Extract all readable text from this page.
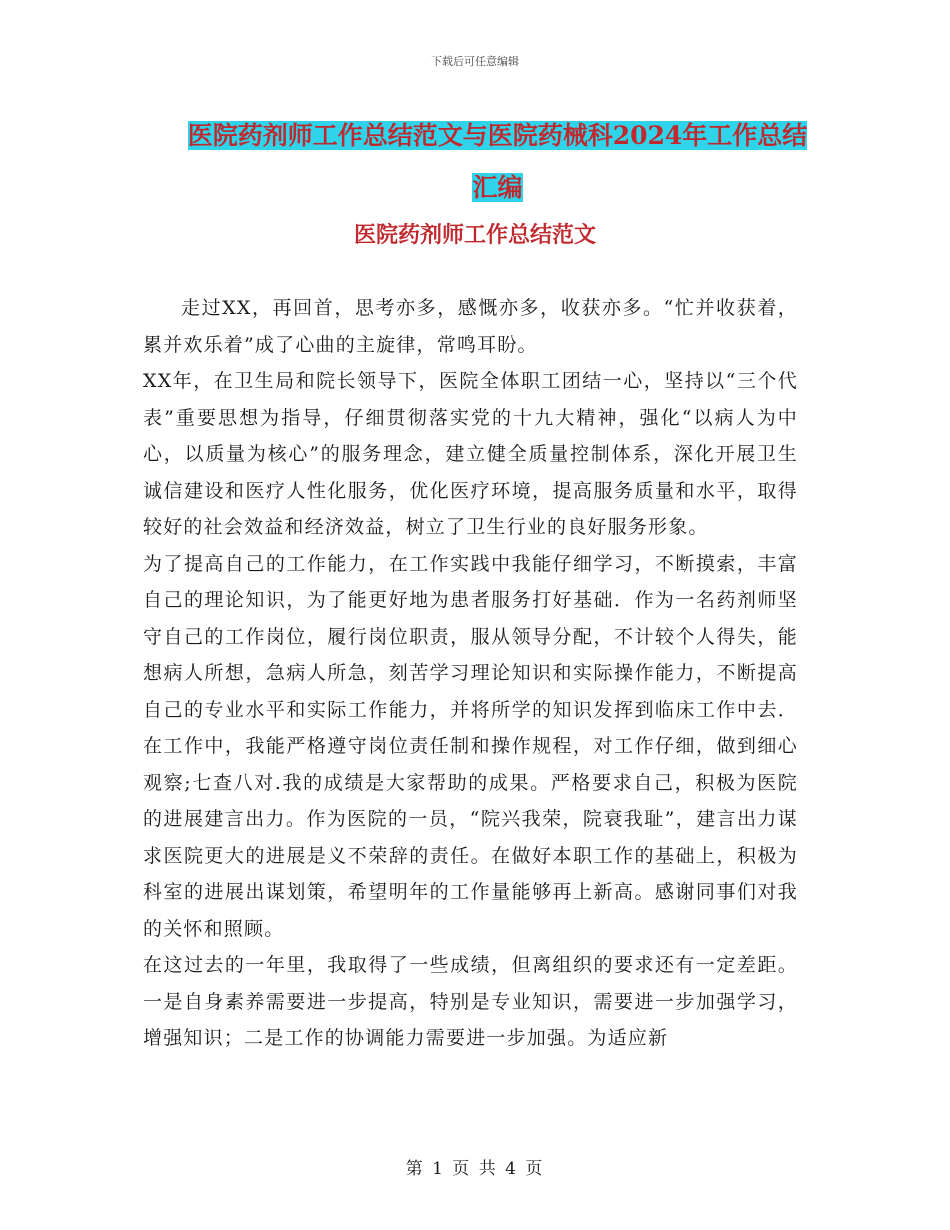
下载后可任意编辑
医院药剂师工作总结范文与医院药械科2024年工作总结汇编
医院药剂师工作总结范文

走过XX，再回首，思考亦多，感慨亦多，收获亦多。“忙并收获着，累并欢乐着”成了心曲的主旋律，常鸣耳盼。

XX年，在卫生局和院长领导下，医院全体职工团结一心，坚持以“三个代表”重要思想为指导，仔细贯彻落实党的十九大精神，强化“以病人为中心，以质量为核心”的服务理念，建立健全质量控制体系，深化开展卫生诚信建设和医疗人性化服务，优化医疗环境，提高服务质量和水平，取得较好的社会效益和经济效益，树立了卫生行业的良好服务形象。

为了提高自己的工作能力，在工作实践中我能仔细学习，不断摸索，丰富自己的理论知识，为了能更好地为患者服务打好基础．作为一名药剂师坚守自己的工作岗位，履行岗位职责，服从领导分配，不计较个人得失，能想病人所想，急病人所急，刻苦学习理论知识和实际操作能力，不断提高自己的专业水平和实际工作能力，并将所学的知识发挥到临床工作中去．在工作中，我能严格遵守岗位责任制和操作规程，对工作仔细，做到细心观察;七查八对.我的成绩是大家帮助的成果。严格要求自己，积极为医院的进展建言出力。作为医院的一员，“院兴我荣，院衰我耻”，建言出力谋求医院更大的进展是义不荣辞的责任。在做好本职工作的基础上，积极为科室的进展出谋划策，希望明年的工作量能够再上新高。感谢同事们对我的关怀和照顾。

在这过去的一年里，我取得了一些成绩，但离组织的要求还有一定差距。一是自身素养需要进一步提高，特别是专业知识，需要进一步加强学习，增强知识；二是工作的协调能力需要进一步加强。为适应新

第 1 页 共 4 页
